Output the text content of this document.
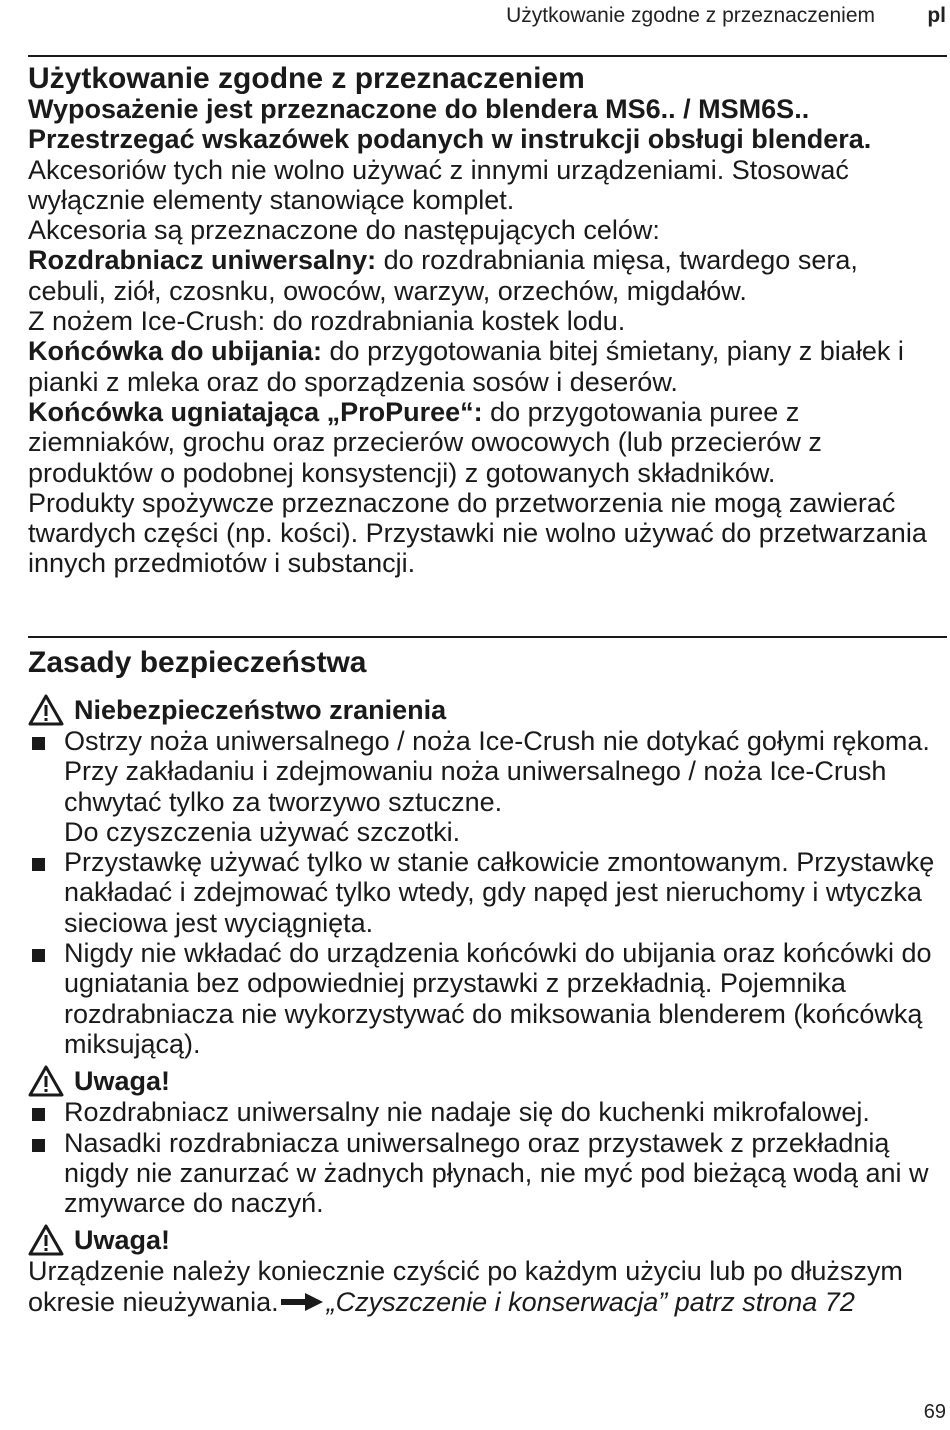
Użytkowanie zgodne z przeznaczeniem pl
Użytkowanie zgodne z przeznaczeniem

Wyposażenie jest przeznaczone do blendera MS6.. / MSM6S.. Przestrzegać wskazówek podanych w instrukcji obsługi blendera.

Akcesoriów tych nie wolno używać z innymi urządzeniami. Stosować wyłącznie elementy stanowiące komplet.

Akcesoria są przeznaczone do następujących celów:

Rozdrabniacz uniwersalny: do rozdrabniania mięsa, twardego sera, cebuli, ziół, czosnku, owoców, warzyw, orzechów, migdałów.

Z nożem Ice-Crush: do rozdrabniania kostek lodu.

Końcówka do ubijania: do przygotowania bitej śmietany, piany z białek i pianki z mleka oraz do sporządzenia sosów i deserów.

Końcówka ugniatająca „ProPuree“: do przygotowania puree z ziemniaków, grochu oraz przecierów owocowych (lub przecierów z produktów o podobnej konsystencji) z gotowanych składników.

Produkty spożywcze przeznaczone do przetworzenia nie mogą zawierać twardych części (np. kości). Przystawki nie wolno używać do przetwarzania innych przedmiotów i substancji.

Zasady bezpieczeństwa
Niebezpieczeństwo zranienia
Ostrzy noża uniwersalnego / noża Ice-Crush nie dotykać gołymi rękoma. Przy zakładaniu i zdejmowaniu noża uniwersalnego / noża Ice-Crush chwytać tylko za tworzywo sztuczne.
Do czyszczenia używać szczotki.
Przystawkę używać tylko w stanie całkowicie zmontowanym. Przystawkę nakładać i zdejmować tylko wtedy, gdy napęd jest nieruchomy i wtyczka sieciowa jest wyciągnięta.
Nigdy nie wkładać do urządzenia końcówki do ubijania oraz końcówki do ugniatania bez odpowiedniej przystawki z przekładnią. Pojemnika rozdrabniacza nie wykorzystywać do miksowania blenderem (końcówką miksującą).
Uwaga!
Rozdrabniacz uniwersalny nie nadaje się do kuchenki mikrofalowej.
Nasadki rozdrabniacza uniwersalnego oraz przystawek z przekładnią nigdy nie zanurzać w żadnych płynach, nie myć pod bieżącą wodą ani w zmywarce do naczyń.
Uwaga!

Urządzenie należy koniecznie czyścić po każdym użyciu lub po dłuższym okresie nieużywania. „Czyszczenie i konserwacja” patrz strona 72

69
